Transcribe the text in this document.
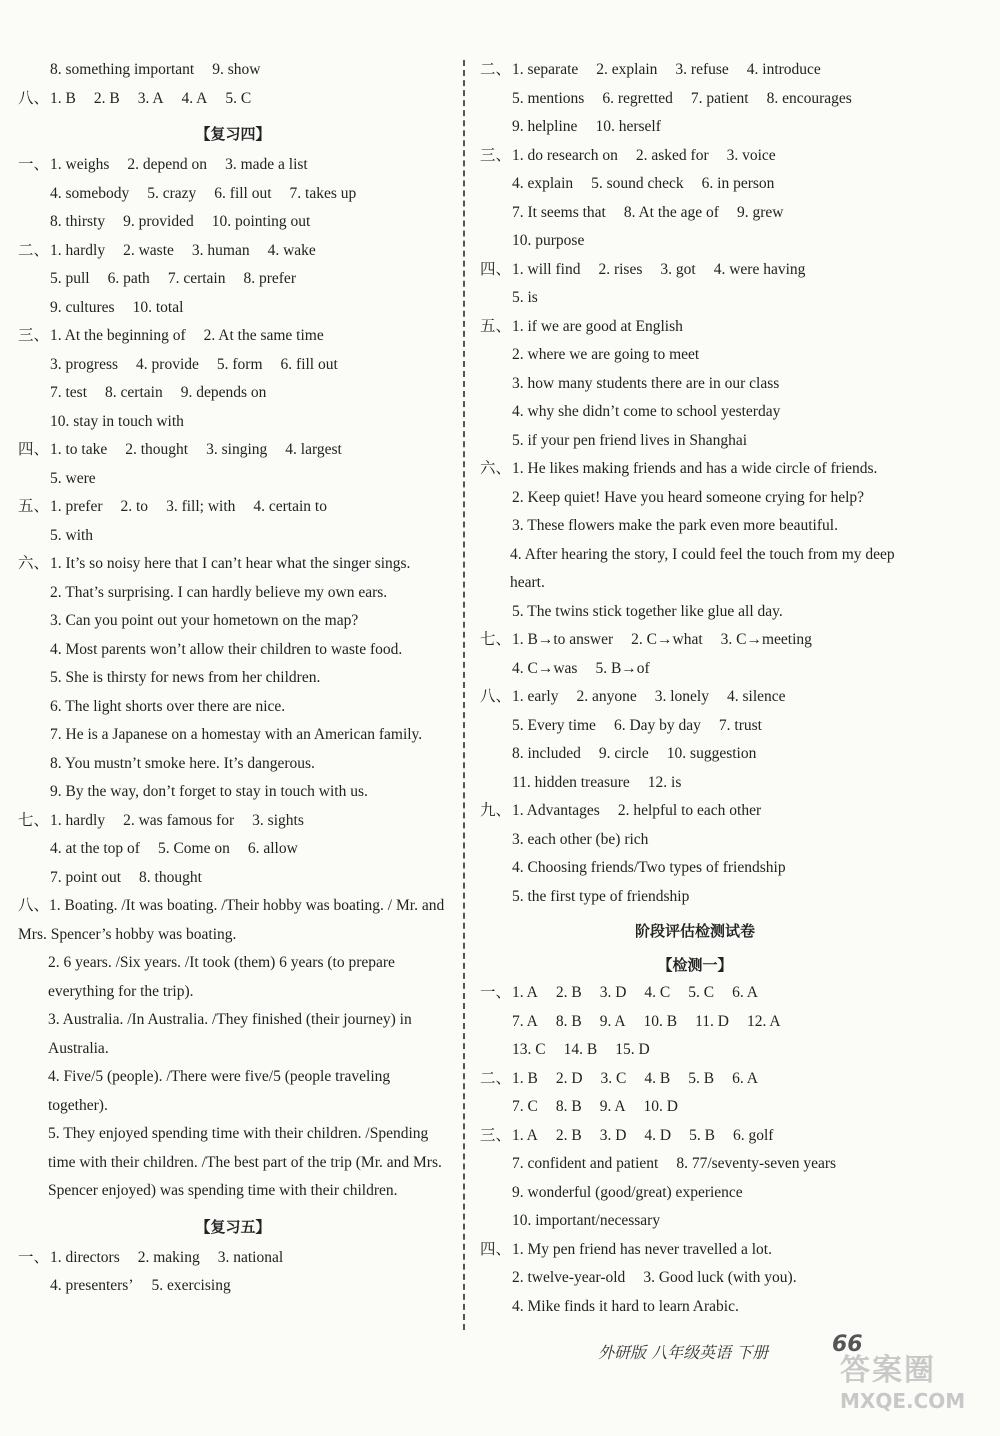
8. something important 9. show
八、1. B 2. B 3. A 4. A 5. C
【复习四】
一、1. weighs 2. depend on 3. made a list
4. somebody 5. crazy 6. fill out 7. takes up
8. thirsty 9. provided 10. pointing out
二、1. hardly 2. waste 3. human 4. wake
5. pull 6. path 7. certain 8. prefer
9. cultures 10. total
三、1. At the beginning of 2. At the same time
3. progress 4. provide 5. form 6. fill out
7. test 8. certain 9. depends on
10. stay in touch with
四、1. to take 2. thought 3. singing 4. largest
5. were
五、1. prefer 2. to 3. fill; with 4. certain to
5. with
六、1. It’s so noisy here that I can’t hear what the singer sings.
2. That’s surprising. I can hardly believe my own ears.
3. Can you point out your hometown on the map?
4. Most parents won’t allow their children to waste food.
5. She is thirsty for news from her children.
6. The light shorts over there are nice.
7. He is a Japanese on a homestay with an American family.
8. You mustn’t smoke here. It’s dangerous.
9. By the way, don’t forget to stay in touch with us.
七、1. hardly 2. was famous for 3. sights
4. at the top of 5. Come on 6. allow
7. point out 8. thought
八、1. Boating. /It was boating. /Their hobby was boating. / Mr. and Mrs. Spencer’s hobby was boating.
2. 6 years. /Six years. /It took (them) 6 years (to prepare everything for the trip).
3. Australia. /In Australia. /They finished (their journey) in Australia.
4. Five/5 (people). /There were five/5 (people traveling together).
5. They enjoyed spending time with their children. /Spending time with their children. /The best part of the trip (Mr. and Mrs. Spencer enjoyed) was spending time with their children.
【复习五】
一、1. directors 2. making 3. national
4. presenters’ 5. exercising
二、1. separate 2. explain 3. refuse 4. introduce
5. mentions 6. regretted 7. patient 8. encourages
9. helpline 10. herself
三、1. do research on 2. asked for 3. voice
4. explain 5. sound check 6. in person
7. It seems that 8. At the age of 9. grew
10. purpose
四、1. will find 2. rises 3. got 4. were having
5. is
五、1. if we are good at English
2. where we are going to meet
3. how many students there are in our class
4. why she didn’t come to school yesterday
5. if your pen friend lives in Shanghai
六、1. He likes making friends and has a wide circle of friends.
2. Keep quiet! Have you heard someone crying for help?
3. These flowers make the park even more beautiful.
4. After hearing the story, I could feel the touch from my deep heart.
5. The twins stick together like glue all day.
七、1. B→to answer 2. C→what 3. C→meeting
4. C→was 5. B→of
八、1. early 2. anyone 3. lonely 4. silence
5. Every time 6. Day by day 7. trust
8. included 9. circle 10. suggestion
11. hidden treasure 12. is
九、1. Advantages 2. helpful to each other
3. each other (be) rich
4. Choosing friends/Two types of friendship
5. the first type of friendship
阶段评估检测试卷
【检测一】
一、1. A 2. B 3. D 4. C 5. C 6. A
7. A 8. B 9. A 10. B 11. D 12. A
13. C 14. B 15. D
二、1. B 2. D 3. C 4. B 5. B 6. A
7. C 8. B 9. A 10. D
三、1. A 2. B 3. D 4. D 5. B 6. golf
7. confident and patient 8. 77/seventy-seven years
9. wonderful (good/great) experience
10. important/necessary
四、1. My pen friend has never travelled a lot.
2. twelve-year-old 3. Good luck (with you).
4. Mike finds it hard to learn Arabic.
外研版 八年级英语 下册	66
答案圈
MXQE.COM
